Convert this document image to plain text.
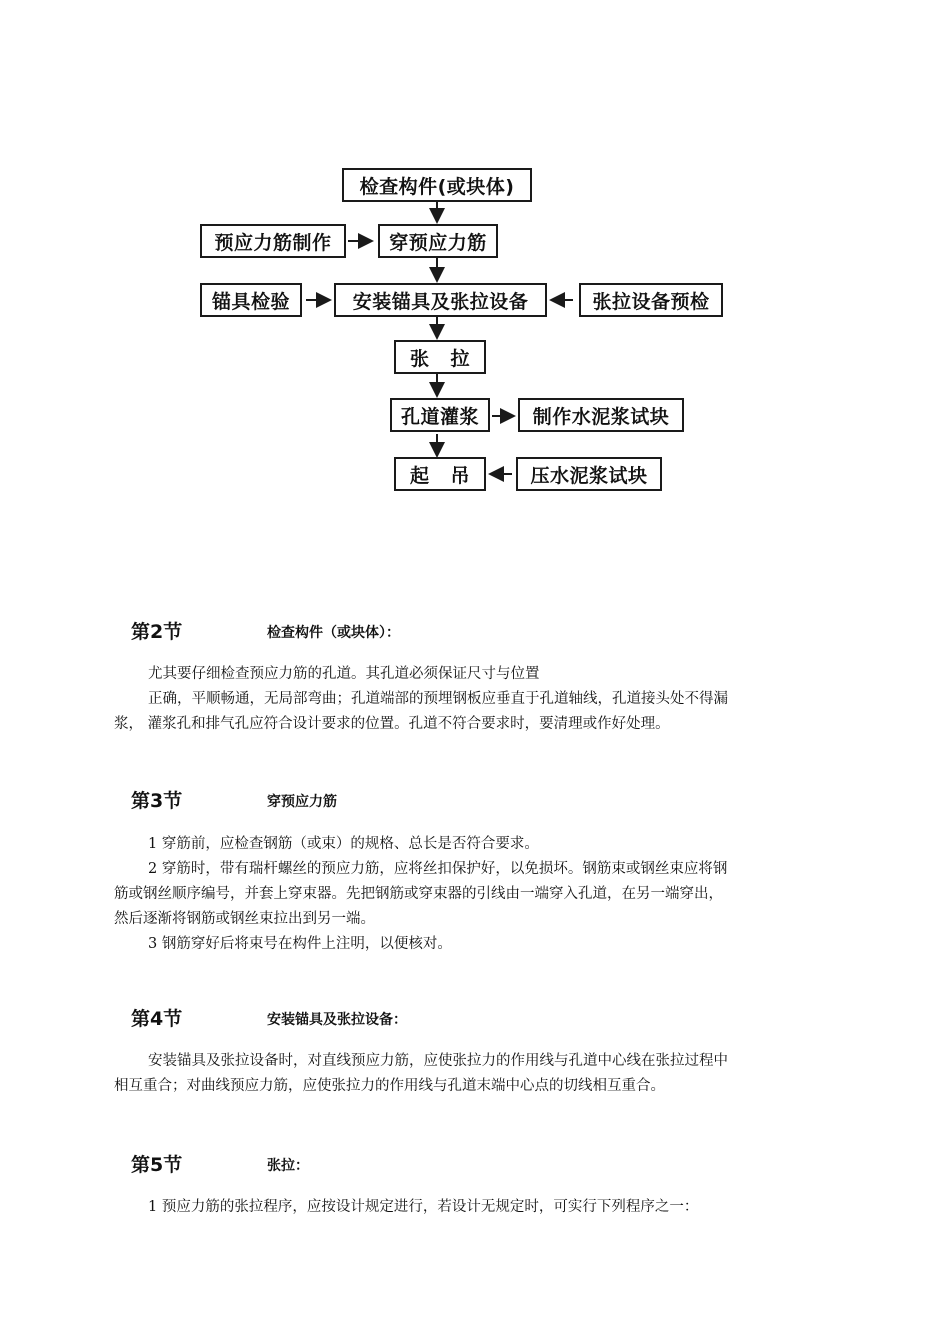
检查构件(或块体)
预应力筋制作	穿预应力筋
锚具检验	安装锚具及张拉设备	张拉设备预检
张 拉
孔道灌浆	制作水泥浆试块
起 吊	压水泥浆试块
第2节	检查构件（或块体）：
尤其要仔细检查预应力筋的孔道。其孔道必须保证尺寸与位置
正确，平顺畅通，无局部弯曲；孔道端部的预埋钢板应垂直于孔道轴线，孔道接头处不得漏
浆， 灌浆孔和排气孔应符合设计要求的位置。孔道不符合要求时，要清理或作好处理。
第3节	穿预应力筋
1 穿筋前，应检查钢筋（或束）的规格、总长是否符合要求。
2 穿筋时，带有瑞杆螺丝的预应力筋，应将丝扣保护好，以免损坏。钢筋束或钢丝束应将钢
筋或钢丝顺序编号，并套上穿束器。先把钢筋或穿束器的引线由一端穿入孔道，在另一端穿出，
然后逐渐将钢筋或钢丝束拉出到另一端。
3 钢筋穿好后将束号在构件上注明，以便核对。
第4节	安装锚具及张拉设备：
安装锚具及张拉设备时，对直线预应力筋，应使张拉力的作用线与孔道中心线在张拉过程中
相互重合；对曲线预应力筋，应使张拉力的作用线与孔道末端中心点的切线相互重合。
第5节	张拉：
1 预应力筋的张拉程序，应按设计规定进行，若设计无规定时，可实行下列程序之一：
